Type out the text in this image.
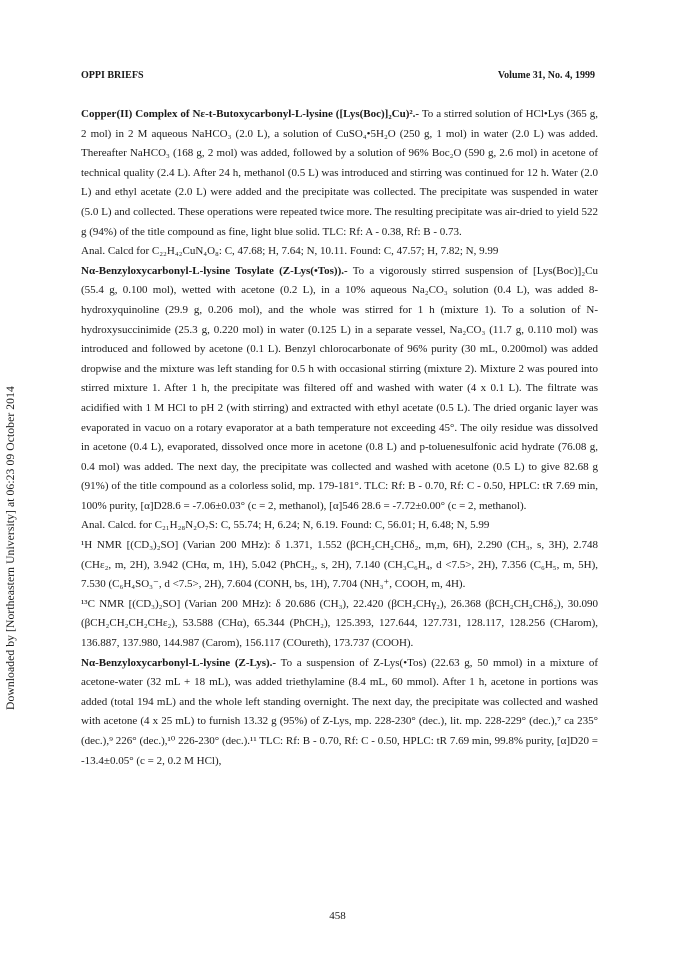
Downloaded by [Northeastern University] at 06:23 09 October 2014
OPPI BRIEFS	Volume 31, No. 4, 1999

Copper(II) Complex of Nε-t-Butoxycarbonyl-L-lysine ([Lys(Boc)]₂Cu)².- To a stirred solution of HCl•Lys (365 g, 2 mol) in 2 M aqueous NaHCO₃ (2.0 L), a solution of CuSO₄•5H₂O (250 g, 1 mol) in water (2.0 L) was added. Thereafter NaHCO₃ (168 g, 2 mol) was added, followed by a solution of 96% Boc₂O (590 g, 2.6 mol) in acetone of technical quality (2.4 L). After 24 h, methanol (0.5 L) was introduced and stirring was continued for 12 h. Water (2.0 L) and ethyl acetate (2.0 L) were added and the precipitate was collected. The precipitate was suspended in water (5.0 L) and collected. These operations were repeated twice more. The resulting precipitate was air-dried to yield 522 g (94%) of the title compound as fine, light blue solid. TLC: Rf: A - 0.38, Rf: B - 0.73.

Anal. Calcd for C₂₂H₄₂CuN₄O₈: C, 47.68; H, 7.64; N, 10.11. Found: C, 47.57; H, 7.82; N, 9.99

Nα-Benzyloxycarbonyl-L-lysine Tosylate (Z-Lys(•Tos)).- To a vigorously stirred suspension of [Lys(Boc)]₂Cu (55.4 g, 0.100 mol), wetted with acetone (0.2 L), in a 10% aqueous Na₂CO₃ solution (0.4 L), was added 8-hydroxyquinoline (29.9 g, 0.206 mol), and the whole was stirred for 1 h (mixture 1). To a solution of N-hydroxysuccinimide (25.3 g, 0.220 mol) in water (0.125 L) in a separate vessel, Na₂CO₃ (11.7 g, 0.110 mol) was introduced and followed by acetone (0.1 L). Benzyl chlorocarbonate of 96% purity (30 mL, 0.200mol) was added dropwise and the mixture was left standing for 0.5 h with occasional stirring (mixture 2). Mixture 2 was poured into stirred mixture 1. After 1 h, the precipitate was filtered off and washed with water (4 x 0.1 L). The filtrate was acidified with 1 M HCl to pH 2 (with stirring) and extracted with ethyl acetate (0.5 L). The dried organic layer was evaporated in vacuo on a rotary evaporator at a bath temperature not exceeding 45°. The oily residue was dissolved in acetone (0.4 L), evaporated, dissolved once more in acetone (0.8 L) and p-toluenesulfonic acid hydrate (76.08 g, 0.4 mol) was added. The next day, the precipitate was collected and washed with acetone (0.5 L) to give 82.68 g (91%) of the title compound as a colorless solid, mp. 179-181°. TLC: Rf: B - 0.70, Rf: C - 0.50, HPLC: tR 7.69 min, 100% purity, [α]D28.6 = -7.06±0.03° (c = 2, methanol), [α]546 28.6 = -7.72±0.00° (c = 2, methanol).

Anal. Calcd. for C₂₁H₂₈N₂O₇S: C, 55.74; H, 6.24; N, 6.19. Found: C, 56.01; H, 6.48; N, 5.99

¹H NMR [(CD₃)₂SO] (Varian 200 MHz): δ 1.371, 1.552 (βCH₂CH₂CHδ₂, m,m, 6H), 2.290 (CH₃, s, 3H), 2.748 (CHε₂, m, 2H), 3.942 (CHα, m, 1H), 5.042 (PhCH₂, s, 2H), 7.140 (CH₃C₆H₄, d <7.5>, 2H), 7.356 (C₆H₅, m, 5H), 7.530 (C₆H₄SO₃⁻, d <7.5>, 2H), 7.604 (CONH, bs, 1H), 7.704 (NH₃⁺, COOH, m, 4H).

¹³C NMR [(CD₃)₂SO] (Varian 200 MHz): δ 20.686 (CH₃), 22.420 (βCH₂CHγ₂), 26.368 (βCH₂CH₂CHδ₂), 30.090 (βCH₂CH₂CH₂CHε₂), 53.588 (CHα), 65.344 (PhCH₂), 125.393, 127.644, 127.731, 128.117, 128.256 (CHarom), 136.887, 137.980, 144.987 (Carom), 156.117 (COureth), 173.737 (COOH).

Nα-Benzyloxycarbonyl-L-lysine (Z-Lys).- To a suspension of Z-Lys(•Tos) (22.63 g, 50 mmol) in a mixture of acetone-water (32 mL + 18 mL), was added triethylamine (8.4 mL, 60 mmol). After 1 h, acetone in portions was added (total 194 mL) and the whole left standing overnight. The next day, the precipitate was collected and washed with acetone (4 x 25 mL) to furnish 13.32 g (95%) of Z-Lys, mp. 228-230° (dec.), lit. mp. 228-229° (dec.),⁷ ca 235° (dec.),⁹ 226° (dec.),¹⁰ 226-230° (dec.).¹¹ TLC: Rf: B - 0.70, Rf: C - 0.50, HPLC: tR 7.69 min, 99.8% purity, [α]D20 = -13.4±0.05° (c = 2, 0.2 M HCl),

458
